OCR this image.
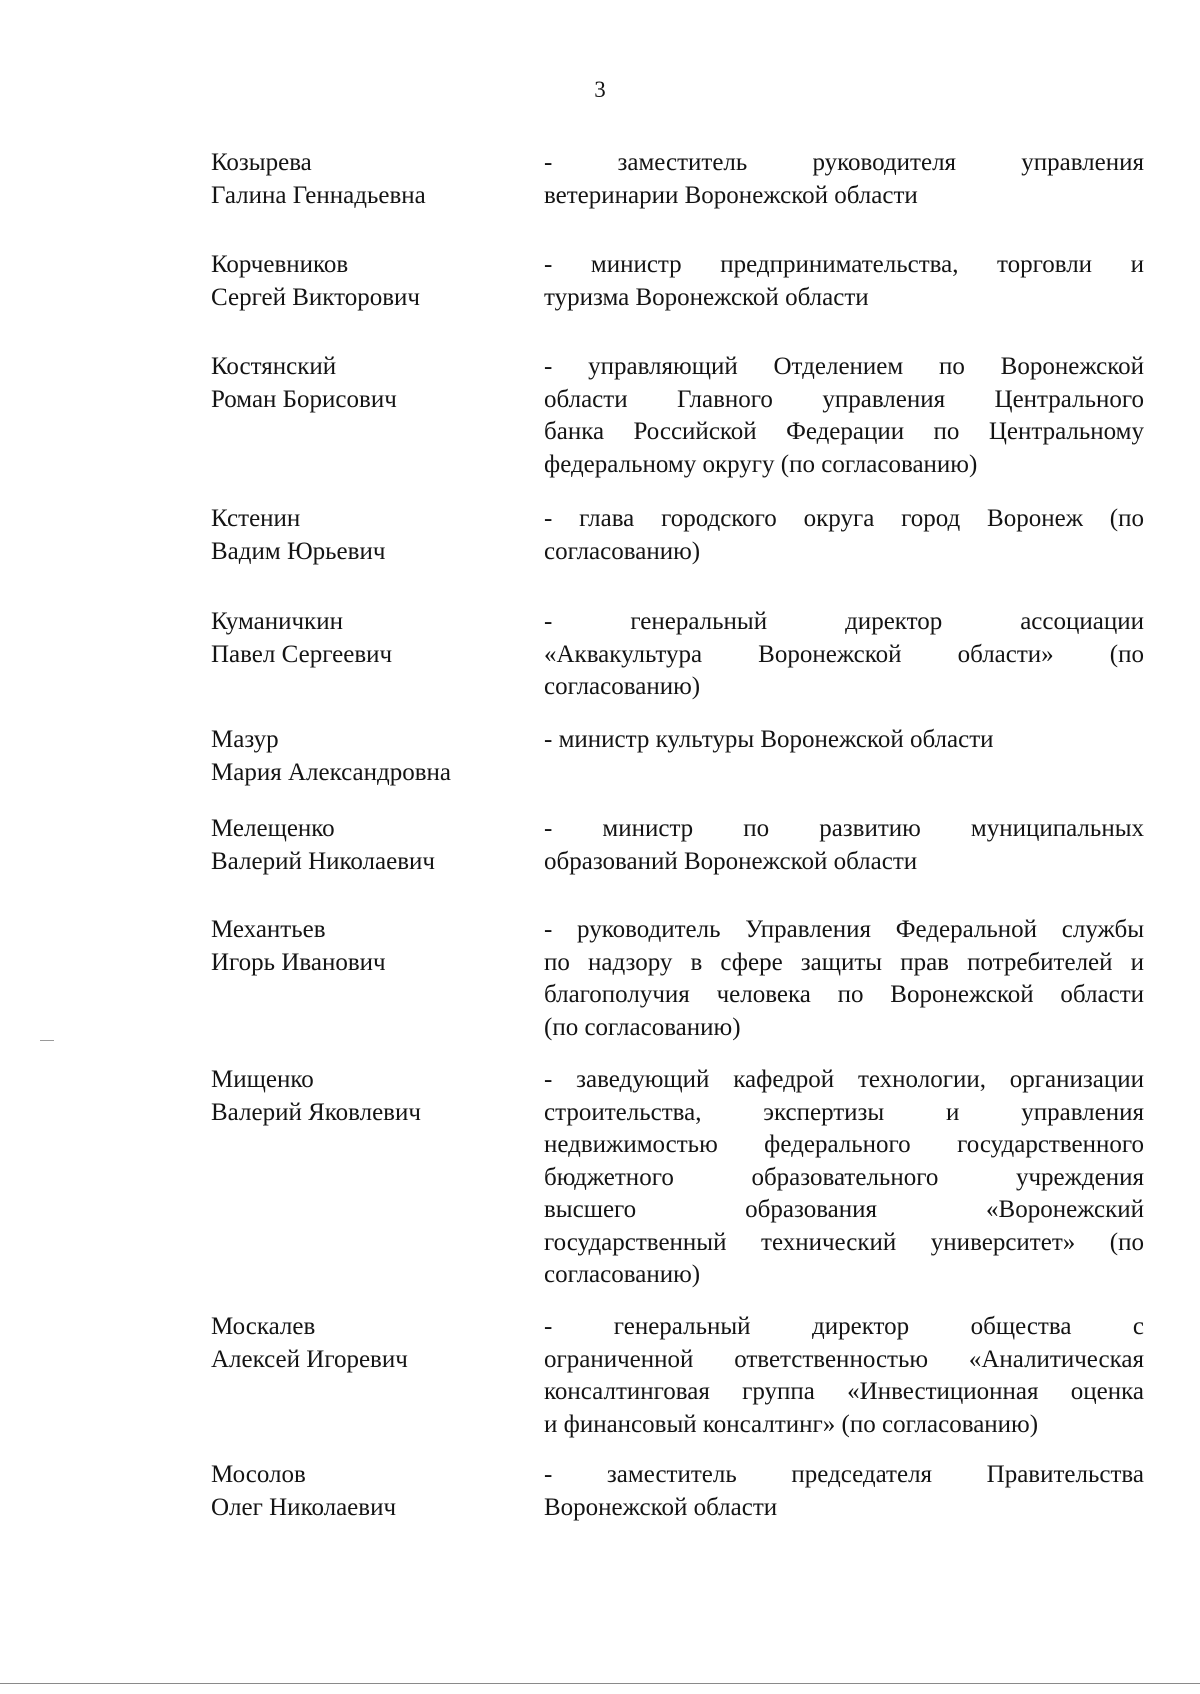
3
Козырева
Галина Геннадьевна
- заместитель руководителя управления
ветеринарии Воронежской области
Корчевников
Сергей Викторович
- министр предпринимательства, торговли и
туризма Воронежской области
Костянский
Роман Борисович
- управляющий Отделением по Воронежской
области Главного управления Центрального
банка Российской Федерации по Центральному
федеральному округу (по согласованию)
Кстенин
Вадим Юрьевич
- глава городского округа город Воронеж (по
согласованию)
Куманичкин
Павел Сергеевич
- генеральный директор ассоциации
«Аквакультура Воронежской области» (по
согласованию)
Мазур
Мария Александровна
- министр культуры Воронежской области
Мелещенко
Валерий Николаевич
- министр по развитию муниципальных
образований Воронежской области
Механтьев
Игорь Иванович
- руководитель Управления Федеральной службы
по надзору в сфере защиты прав потребителей и
благополучия человека по Воронежской области
(по согласованию)
Мищенко
Валерий Яковлевич
- заведующий кафедрой технологии, организации
строительства, экспертизы и управления
недвижимостью федерального государственного
бюджетного образовательного учреждения
высшего образования «Воронежский
государственный технический университет» (по
согласованию)
Москалев
Алексей Игоревич
- генеральный директор общества с
ограниченной ответственностью «Аналитическая
консалтинговая группа «Инвестиционная оценка
и финансовый консалтинг» (по согласованию)
Мосолов
Олег Николаевич
- заместитель председателя Правительства
Воронежской области
